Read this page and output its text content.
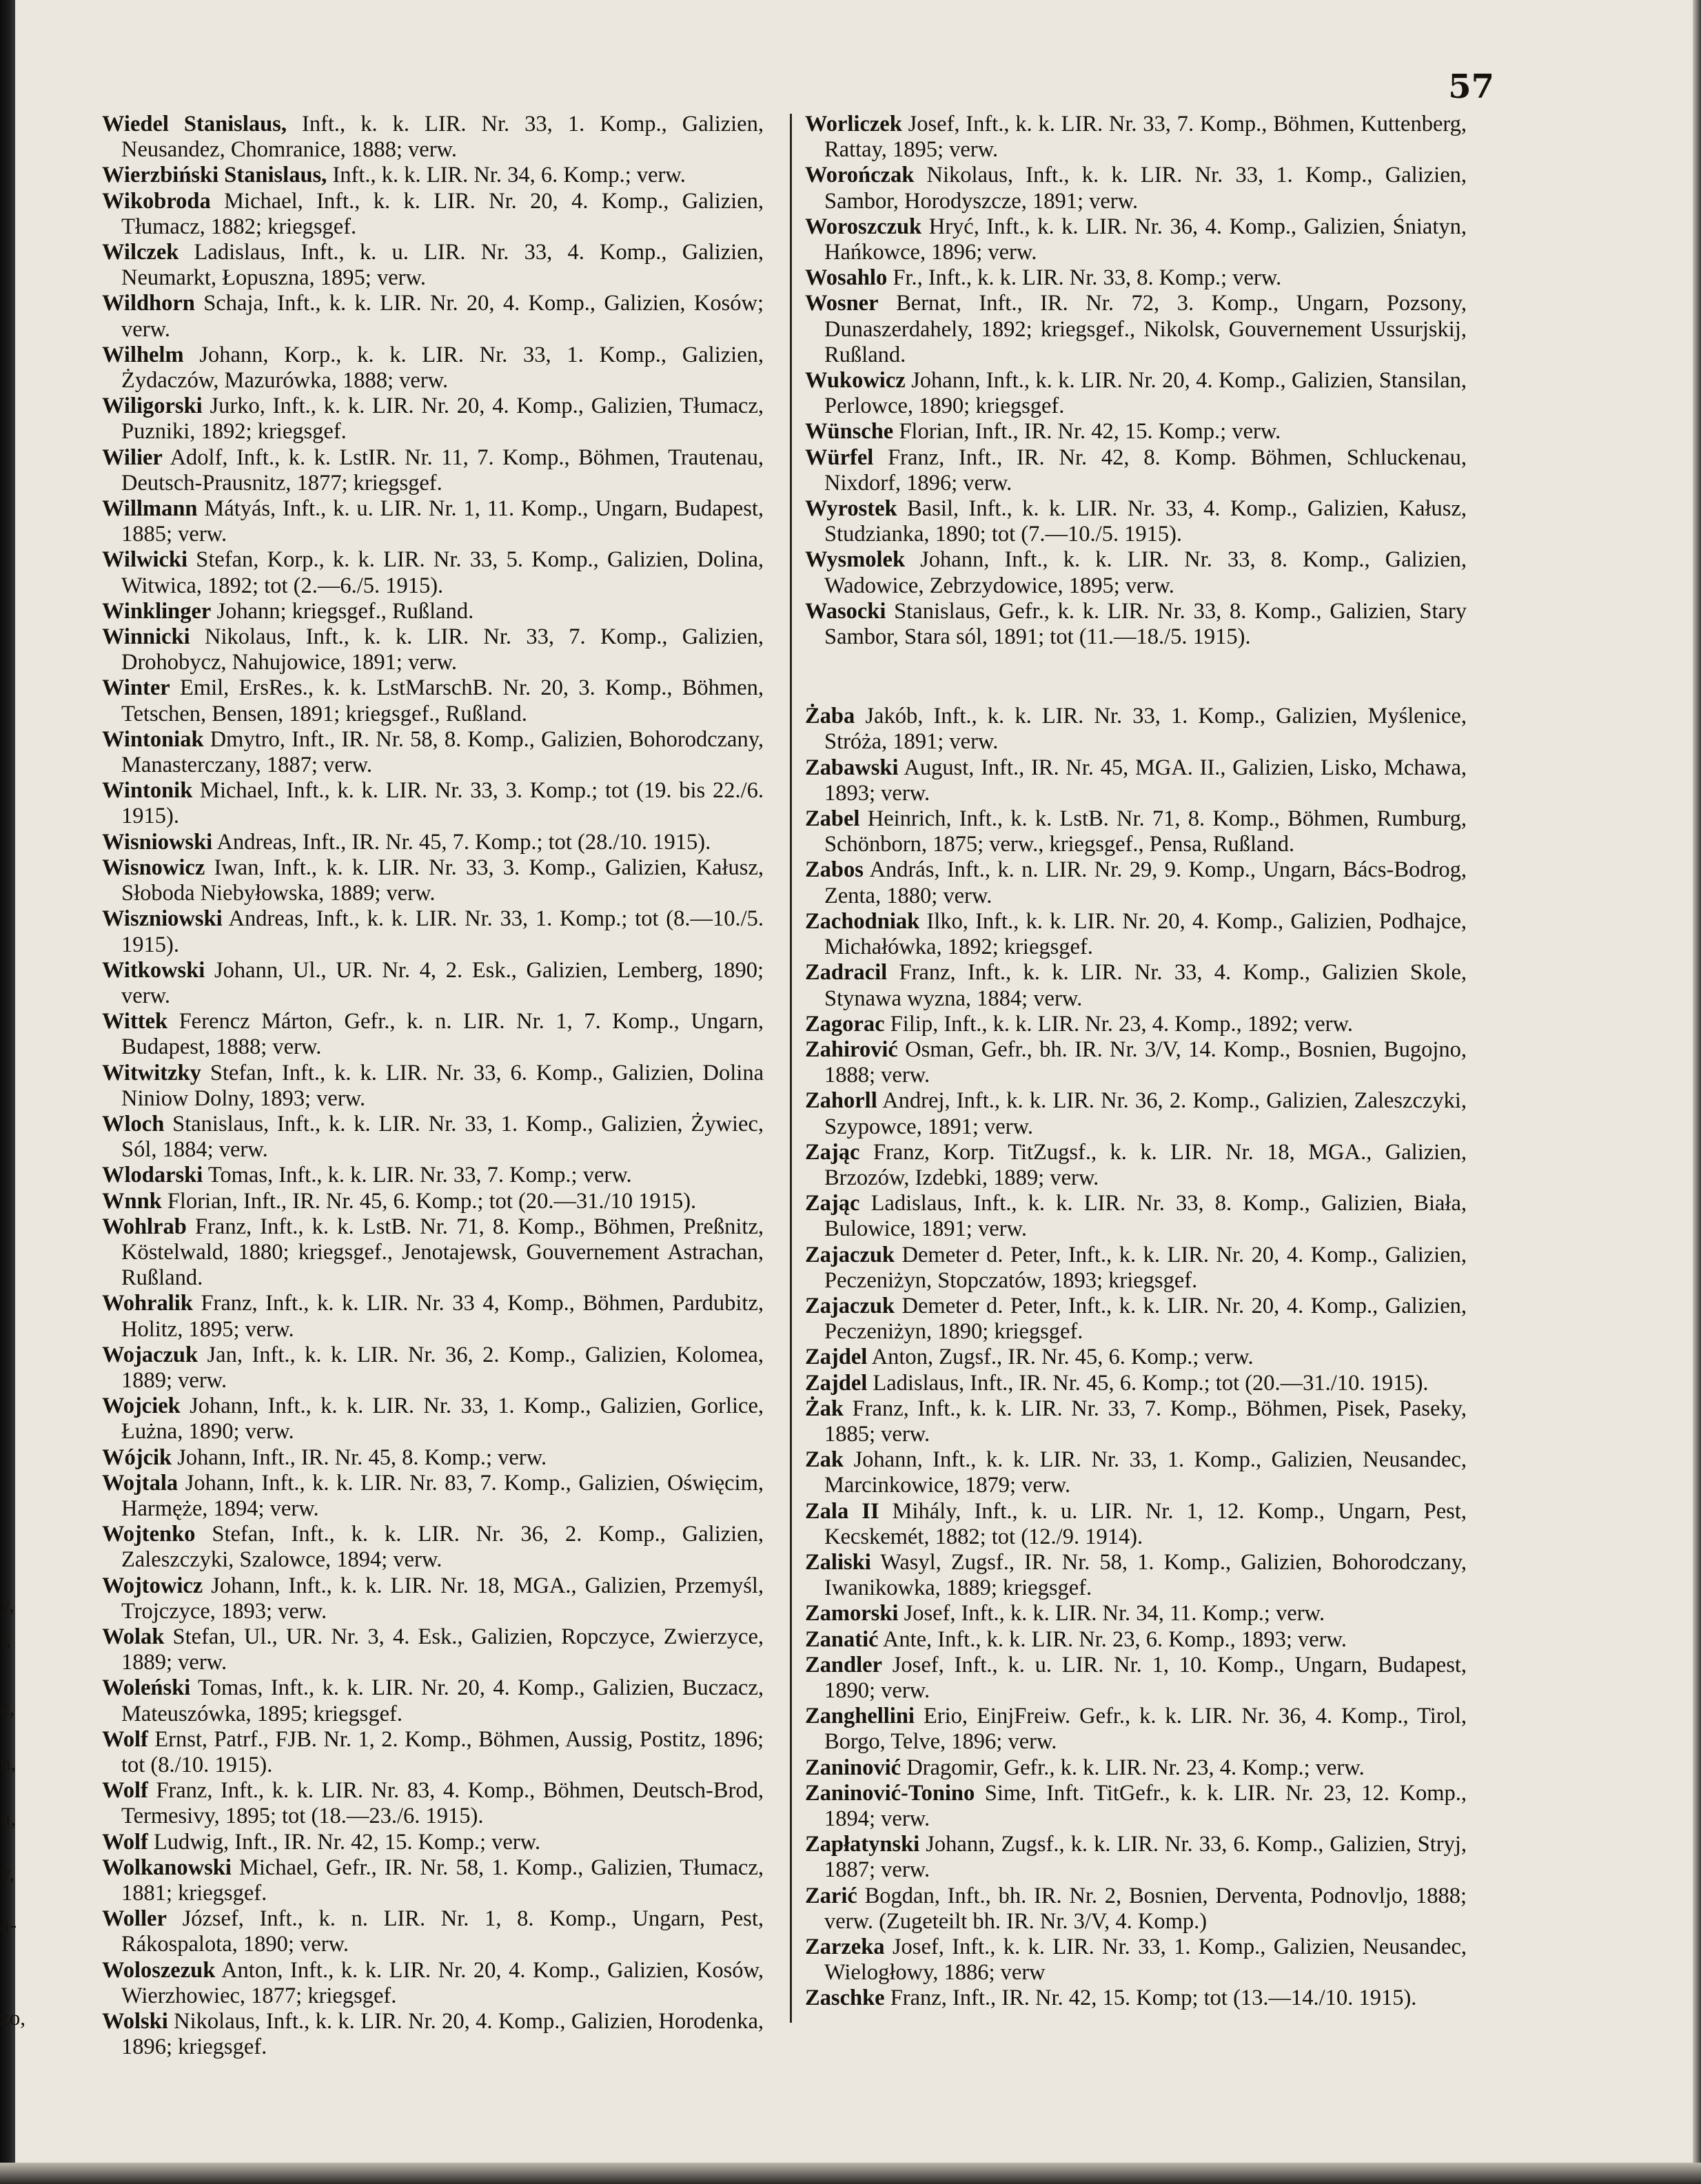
y,
l,
c,
n,
u,
y,
a-
zo,
57

Wiedel Stanislaus, Inft., k. k. LIR. Nr. 33, 1. Komp., Galizien, Neusandez, Chomranice, 1888; verw.

Wierzbiński Stanislaus, Inft., k. k. LIR. Nr. 34, 6. Komp.; verw.

Wikobroda Michael, Inft., k. k. LIR. Nr. 20, 4. Komp., Galizien, Tłumacz, 1882; kriegsgef.

Wilczek Ladislaus, Inft., k. u. LIR. Nr. 33, 4. Komp., Galizien, Neumarkt, Łopuszna, 1895; verw.

Wildhorn Schaja, Inft., k. k. LIR. Nr. 20, 4. Komp., Galizien, Kosów; verw.

Wilhelm Johann, Korp., k. k. LIR. Nr. 33, 1. Komp., Galizien, Żydaczów, Mazurówka, 1888; verw.

Wiligorski Jurko, Inft., k. k. LIR. Nr. 20, 4. Komp., Galizien, Tłumacz, Puzniki, 1892; kriegsgef.

Wilier Adolf, Inft., k. k. LstIR. Nr. 11, 7. Komp., Böhmen, Trautenau, Deutsch-Prausnitz, 1877; kriegsgef.

Willmann Mátyás, Inft., k. u. LIR. Nr. 1, 11. Komp., Ungarn, Budapest, 1885; verw.

Wilwicki Stefan, Korp., k. k. LIR. Nr. 33, 5. Komp., Galizien, Dolina, Witwica, 1892; tot (2.—6./5. 1915).

Winklinger Johann; kriegsgef., Rußland.

Winnicki Nikolaus, Inft., k. k. LIR. Nr. 33, 7. Komp., Galizien, Drohobycz, Nahujowice, 1891; verw.

Winter Emil, ErsRes., k. k. LstMarschB. Nr. 20, 3. Komp., Böhmen, Tetschen, Bensen, 1891; kriegsgef., Rußland.

Wintoniak Dmytro, Inft., IR. Nr. 58, 8. Komp., Galizien, Bohorodczany, Manasterczany, 1887; verw.

Wintonik Michael, Inft., k. k. LIR. Nr. 33, 3. Komp.; tot (19. bis 22./6. 1915).

Wisniowski Andreas, Inft., IR. Nr. 45, 7. Komp.; tot (28./10. 1915).

Wisnowicz Iwan, Inft., k. k. LIR. Nr. 33, 3. Komp., Galizien, Kałusz, Słoboda Niebyłowska, 1889; verw.

Wiszniowski Andreas, Inft., k. k. LIR. Nr. 33, 1. Komp.; tot (8.—10./5. 1915).

Witkowski Johann, Ul., UR. Nr. 4, 2. Esk., Galizien, Lemberg, 1890; verw.

Wittek Ferencz Márton, Gefr., k. n. LIR. Nr. 1, 7. Komp., Ungarn, Budapest, 1888; verw.

Witwitzky Stefan, Inft., k. k. LIR. Nr. 33, 6. Komp., Galizien, Dolina Niniow Dolny, 1893; verw.

Wloch Stanislaus, Inft., k. k. LIR. Nr. 33, 1. Komp., Galizien, Żywiec, Sól, 1884; verw.

Wlodarski Tomas, Inft., k. k. LIR. Nr. 33, 7. Komp.; verw.

Wnnk Florian, Inft., IR. Nr. 45, 6. Komp.; tot (20.—31./10 1915).

Wohlrab Franz, Inft., k. k. LstB. Nr. 71, 8. Komp., Böhmen, Preßnitz, Köstelwald, 1880; kriegsgef., Jenotajewsk, Gouvernement Astrachan, Rußland.

Wohralik Franz, Inft., k. k. LIR. Nr. 33 4, Komp., Böhmen, Pardubitz, Holitz, 1895; verw.

Wojaczuk Jan, Inft., k. k. LIR. Nr. 36, 2. Komp., Galizien, Kolomea, 1889; verw.

Wojciek Johann, Inft., k. k. LIR. Nr. 33, 1. Komp., Galizien, Gorlice, Łużna, 1890; verw.

Wójcik Johann, Inft., IR. Nr. 45, 8. Komp.; verw.

Wojtala Johann, Inft., k. k. LIR. Nr. 83, 7. Komp., Galizien, Oświęcim, Harmęże, 1894; verw.

Wojtenko Stefan, Inft., k. k. LIR. Nr. 36, 2. Komp., Galizien, Zaleszczyki, Szalowce, 1894; verw.

Wojtowicz Johann, Inft., k. k. LIR. Nr. 18, MGA., Galizien, Przemyśl, Trojczyce, 1893; verw.

Wolak Stefan, Ul., UR. Nr. 3, 4. Esk., Galizien, Ropczyce, Zwierzyce, 1889; verw.

Woleński Tomas, Inft., k. k. LIR. Nr. 20, 4. Komp., Galizien, Buczacz, Mateuszówka, 1895; kriegsgef.

Wolf Ernst, Patrf., FJB. Nr. 1, 2. Komp., Böhmen, Aussig, Postitz, 1896; tot (8./10. 1915).

Wolf Franz, Inft., k. k. LIR. Nr. 83, 4. Komp., Böhmen, Deutsch-Brod, Termesivy, 1895; tot (18.—23./6. 1915).

Wolf Ludwig, Inft., IR. Nr. 42, 15. Komp.; verw.

Wolkanowski Michael, Gefr., IR. Nr. 58, 1. Komp., Galizien, Tłumacz, 1881; kriegsgef.

Woller József, Inft., k. n. LIR. Nr. 1, 8. Komp., Ungarn, Pest, Rákospalota, 1890; verw.

Woloszezuk Anton, Inft., k. k. LIR. Nr. 20, 4. Komp., Galizien, Kosów, Wierzhowiec, 1877; kriegsgef.

Wolski Nikolaus, Inft., k. k. LIR. Nr. 20, 4. Komp., Galizien, Horodenka, 1896; kriegsgef.

Worliczek Josef, Inft., k. k. LIR. Nr. 33, 7. Komp., Böhmen, Kuttenberg, Rattay, 1895; verw.

Worończak Nikolaus, Inft., k. k. LIR. Nr. 33, 1. Komp., Galizien, Sambor, Horodyszcze, 1891; verw.

Woroszczuk Hryć, Inft., k. k. LIR. Nr. 36, 4. Komp., Galizien, Śniatyn, Hańkowce, 1896; verw.

Wosahlo Fr., Inft., k. k. LIR. Nr. 33, 8. Komp.; verw.

Wosner Bernat, Inft., IR. Nr. 72, 3. Komp., Ungarn, Pozsony, Dunaszerdahely, 1892; kriegsgef., Nikolsk, Gouvernement Ussurjskij, Rußland.

Wukowicz Johann, Inft., k. k. LIR. Nr. 20, 4. Komp., Galizien, Stansilan, Perlowce, 1890; kriegsgef.

Wünsche Florian, Inft., IR. Nr. 42, 15. Komp.; verw.

Würfel Franz, Inft., IR. Nr. 42, 8. Komp. Böhmen, Schluckenau, Nixdorf, 1896; verw.

Wyrostek Basil, Inft., k. k. LIR. Nr. 33, 4. Komp., Galizien, Kałusz, Studzianka, 1890; tot (7.—10./5. 1915).

Wysmolek Johann, Inft., k. k. LIR. Nr. 33, 8. Komp., Galizien, Wadowice, Zebrzydowice, 1895; verw.

Wasocki Stanislaus, Gefr., k. k. LIR. Nr. 33, 8. Komp., Galizien, Stary Sambor, Stara sól, 1891; tot (11.—18./5. 1915).

Żaba Jakób, Inft., k. k. LIR. Nr. 33, 1. Komp., Galizien, Myślenice, Stróża, 1891; verw.

Zabawski August, Inft., IR. Nr. 45, MGA. II., Galizien, Lisko, Mchawa, 1893; verw.

Zabel Heinrich, Inft., k. k. LstB. Nr. 71, 8. Komp., Böhmen, Rumburg, Schönborn, 1875; verw., kriegsgef., Pensa, Rußland.

Zabos András, Inft., k. n. LIR. Nr. 29, 9. Komp., Ungarn, Bács-Bodrog, Zenta, 1880; verw.

Zachodniak Ilko, Inft., k. k. LIR. Nr. 20, 4. Komp., Galizien, Podhajce, Michałówka, 1892; kriegsgef.

Zadracil Franz, Inft., k. k. LIR. Nr. 33, 4. Komp., Galizien Skole, Stynawa wyzna, 1884; verw.

Zagorac Filip, Inft., k. k. LIR. Nr. 23, 4. Komp., 1892; verw.

Zahirović Osman, Gefr., bh. IR. Nr. 3/V, 14. Komp., Bosnien, Bugojno, 1888; verw.

Zahorll Andrej, Inft., k. k. LIR. Nr. 36, 2. Komp., Galizien, Zaleszczyki, Szypowce, 1891; verw.

Zając Franz, Korp. TitZugsf., k. k. LIR. Nr. 18, MGA., Galizien, Brzozów, Izdebki, 1889; verw.

Zając Ladislaus, Inft., k. k. LIR. Nr. 33, 8. Komp., Galizien, Biała, Bulowice, 1891; verw.

Zajaczuk Demeter d. Peter, Inft., k. k. LIR. Nr. 20, 4. Komp., Galizien, Peczeniżyn, Stopczatów, 1893; kriegsgef.

Zajaczuk Demeter d. Peter, Inft., k. k. LIR. Nr. 20, 4. Komp., Galizien, Peczeniżyn, 1890; kriegsgef.

Zajdel Anton, Zugsf., IR. Nr. 45, 6. Komp.; verw.

Zajdel Ladislaus, Inft., IR. Nr. 45, 6. Komp.; tot (20.—31./10. 1915).

Żak Franz, Inft., k. k. LIR. Nr. 33, 7. Komp., Böhmen, Pisek, Paseky, 1885; verw.

Zak Johann, Inft., k. k. LIR. Nr. 33, 1. Komp., Galizien, Neusandec, Marcinkowice, 1879; verw.

Zala II Mihály, Inft., k. u. LIR. Nr. 1, 12. Komp., Ungarn, Pest, Kecskemét, 1882; tot (12./9. 1914).

Zaliski Wasyl, Zugsf., IR. Nr. 58, 1. Komp., Galizien, Bohorodczany, Iwanikowka, 1889; kriegsgef.

Zamorski Josef, Inft., k. k. LIR. Nr. 34, 11. Komp.; verw.

Zanatić Ante, Inft., k. k. LIR. Nr. 23, 6. Komp., 1893; verw.

Zandler Josef, Inft., k. u. LIR. Nr. 1, 10. Komp., Ungarn, Budapest, 1890; verw.

Zanghellini Erio, EinjFreiw. Gefr., k. k. LIR. Nr. 36, 4. Komp., Tirol, Borgo, Telve, 1896; verw.

Zaninović Dragomir, Gefr., k. k. LIR. Nr. 23, 4. Komp.; verw.

Zaninović-Tonino Sime, Inft. TitGefr., k. k. LIR. Nr. 23, 12. Komp., 1894; verw.

Zapłatynski Johann, Zugsf., k. k. LIR. Nr. 33, 6. Komp., Galizien, Stryj, 1887; verw.

Zarić Bogdan, Inft., bh. IR. Nr. 2, Bosnien, Derventa, Podnovljo, 1888; verw. (Zugeteilt bh. IR. Nr. 3/V, 4. Komp.)

Zarzeka Josef, Inft., k. k. LIR. Nr. 33, 1. Komp., Galizien, Neusandec, Wielogłowy, 1886; verw

Zaschke Franz, Inft., IR. Nr. 42, 15. Komp; tot (13.—14./10. 1915).
